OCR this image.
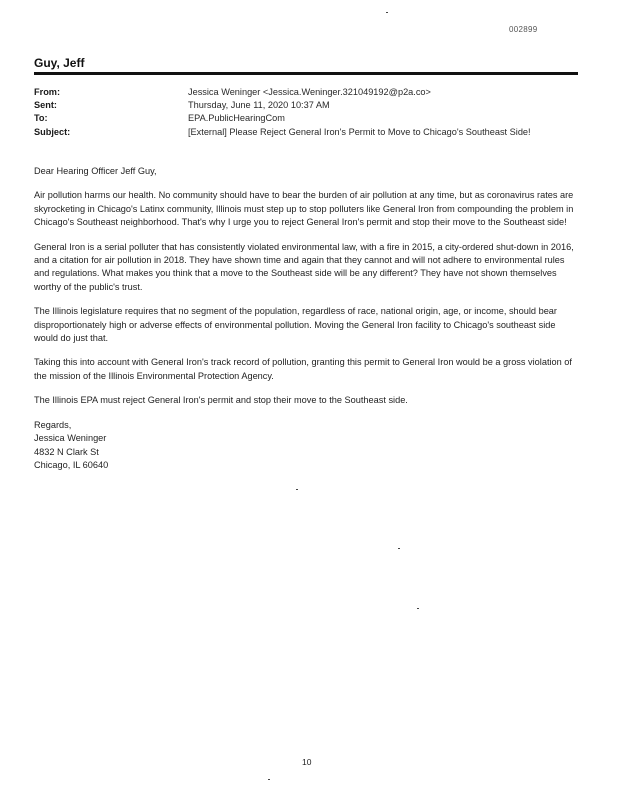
002899
Guy, Jeff
From:	Jessica Weninger <Jessica.Weninger.321049192@p2a.co>
Sent:	Thursday, June 11, 2020 10:37 AM
To:	EPA.PublicHearingCom
Subject:	[External] Please Reject General Iron's Permit to Move to Chicago's Southeast Side!

Dear Hearing Officer Jeff Guy,

Air pollution harms our health. No community should have to bear the burden of air pollution at any time, but as coronavirus rates are skyrocketing in Chicago's Latinx community, Illinois must step up to stop polluters like General Iron from compounding the problem in Chicago's Southeast neighborhood. That's why I urge you to reject General Iron's permit and stop their move to the Southeast side!

General Iron is a serial polluter that has consistently violated environmental law, with a fire in 2015, a city-ordered shut-down in 2016, and a citation for air pollution in 2018. They have shown time and again that they cannot and will not adhere to environmental rules and regulations. What makes you think that a move to the Southeast side will be any different? They have not shown themselves worthy of the public's trust.

The Illinois legislature requires that no segment of the population, regardless of race, national origin, age, or income, should bear disproportionately high or adverse effects of environmental pollution. Moving the General Iron facility to Chicago's southeast side would do just that.

Taking this into account with General Iron's track record of pollution, granting this permit to General Iron would be a gross violation of the mission of the Illinois Environmental Protection Agency.

The Illinois EPA must reject General Iron's permit and stop their move to the Southeast side.

Regards,
Jessica Weninger
4832 N Clark St
Chicago, IL 60640
10
